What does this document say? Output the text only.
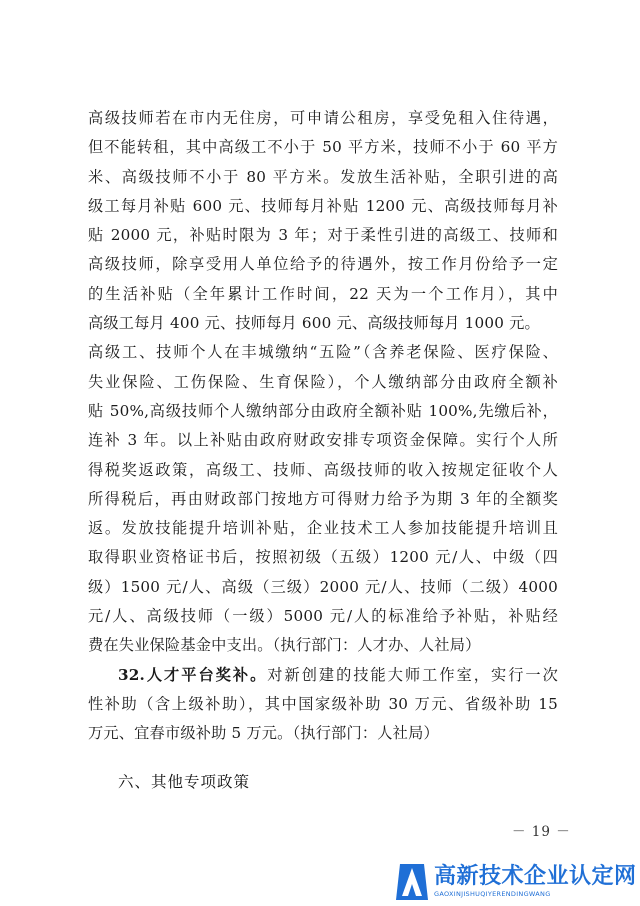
高级技师若在市内无住房，可申请公租房，享受免租入住待遇，
但不能转租，其中高级工不小于 50 平方米，技师不小于 60 平方
米、高级技师不小于 80 平方米。发放生活补贴，全职引进的高
级工每月补贴 600 元、技师每月补贴 1200 元、高级技师每月补
贴 2000 元，补贴时限为 3 年；对于柔性引进的高级工、技师和
高级技师，除享受用人单位给予的待遇外，按工作月份给予一定
的生活补贴（全年累计工作时间，22 天为一个工作月），其中
高级工每月 400 元、技师每月 600 元、高级技师每月 1000 元。
高级工、技师个人在丰城缴纳“五险”（含养老保险、医疗保险、
失业保险、工伤保险、生育保险），个人缴纳部分由政府全额补
贴 50%,高级技师个人缴纳部分由政府全额补贴 100%,先缴后补，
连补 3 年。以上补贴由政府财政安排专项资金保障。实行个人所
得税奖返政策，高级工、技师、高级技师的收入按规定征收个人
所得税后，再由财政部门按地方可得财力给予为期 3 年的全额奖
返。发放技能提升培训补贴，企业技术工人参加技能提升培训且
取得职业资格证书后，按照初级（五级）1200 元/人、中级（四
级）1500 元/人、高级（三级）2000 元/人、技师（二级）4000
元/人、高级技师（一级）5000 元/人的标准给予补贴，补贴经
费在失业保险基金中支出。（执行部门：人才办、人社局）
32.人才平台奖补。对新创建的技能大师工作室，实行一次
性补助（含上级补助），其中国家级补助 30 万元、省级补助 15
万元、宜春市级补助 5 万元。（执行部门：人社局）
六、其他专项政策
－ 19 －
高新技术企业认定网
GAOXINJISHUQIYERENDINGWANG
